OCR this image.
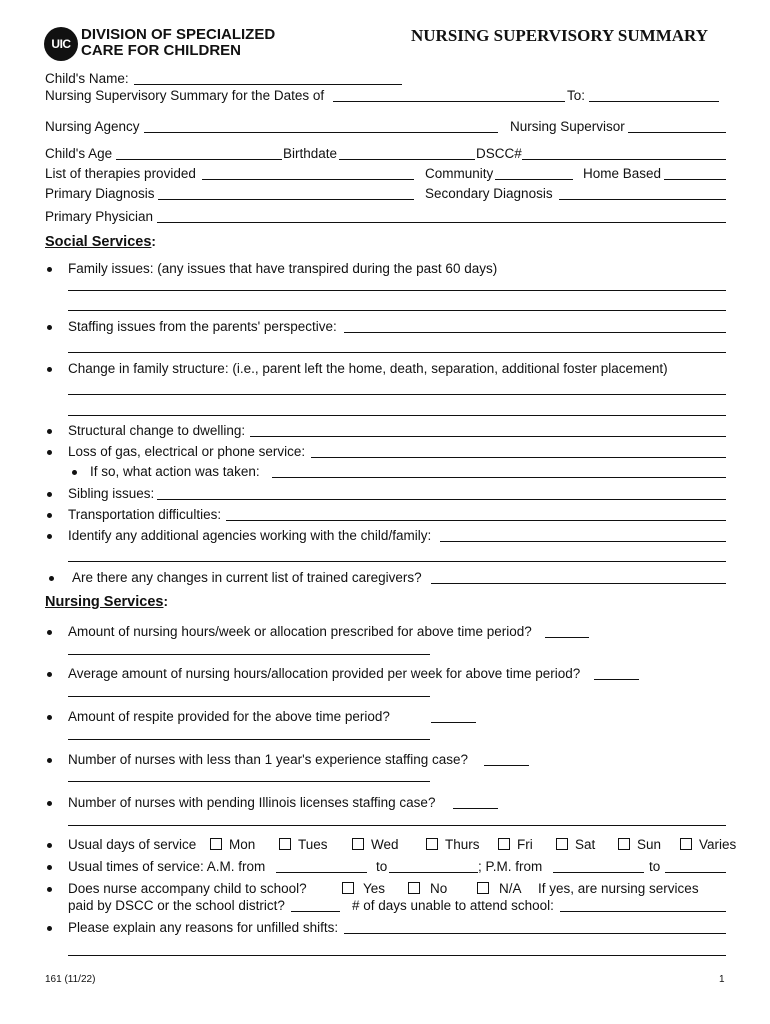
UIC
DIVISION OF SPECIALIZED
CARE FOR CHILDREN
NURSING SUPERVISORY SUMMARY
Child's Name:
Nursing Supervisory Summary for the Dates of	To:
Nursing Agency	Nursing Supervisor
Child's Age	Birthdate	DSCC#
List of therapies provided	Community	Home Based
Primary Diagnosis	Secondary Diagnosis
Primary Physician
Social Services:
Family issues: (any issues that have transpired during the past 60 days)
Staffing issues from the parents' perspective:
Change in family structure: (i.e., parent left the home, death, separation, additional foster placement)
Structural change to dwelling:
Loss of gas, electrical or phone service:
If so, what action was taken:
Sibling issues:
Transportation difficulties:
Identify any additional agencies working with the child/family:
Are there any changes in current list of trained caregivers?
Nursing Services:
Amount of nursing hours/week or allocation prescribed for above time period?
Average amount of nursing hours/allocation provided per week for above time period?
Amount of respite provided for the above time period?
Number of nurses with less than 1 year's experience staffing case?
Number of nurses with pending Illinois licenses staffing case?
Usual days of service Mon	Tues	Wed	Thurs	Fri	Sat	Sun	Varies
Usual times of service: A.M. from	to	; P.M. from	to
Does nurse accompany child to school?	Yes	No	N/A If yes, are nursing services
paid by DSCC or the school district?	# of days unable to attend school:
Please explain any reasons for unfilled shifts:
161 (11/22)	1
